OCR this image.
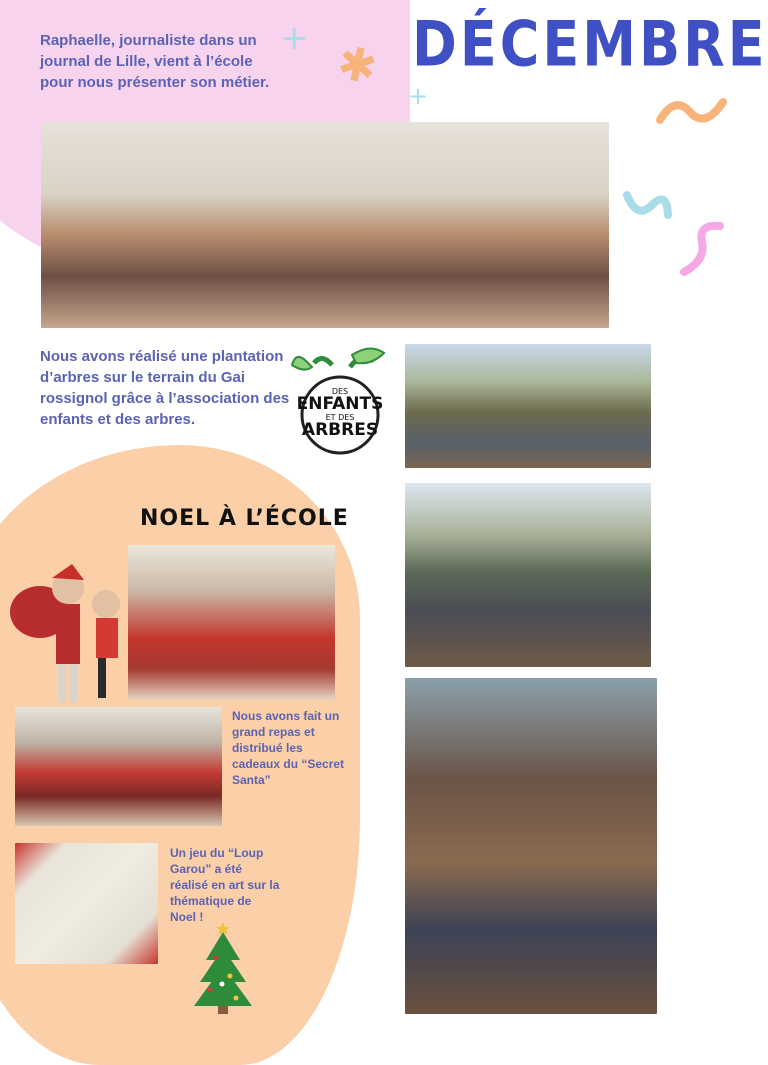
✱
+
+
DÉCEMBRE
Raphaelle, journaliste dans un journal de Lille, vient à l’école pour nous présenter son métier.
Nous avons réalisé une plantation d’arbres sur le terrain du Gai rossignol grâce à l’association des enfants et des arbres.
DES
ENFANTS
ET DES
ARBRES
NOEL À L’ÉCOLE
Nous avons fait un grand repas et distribué les cadeaux du “Secret Santa”
Un jeu du “Loup Garou” a été réalisé en art sur la thématique de Noel !
